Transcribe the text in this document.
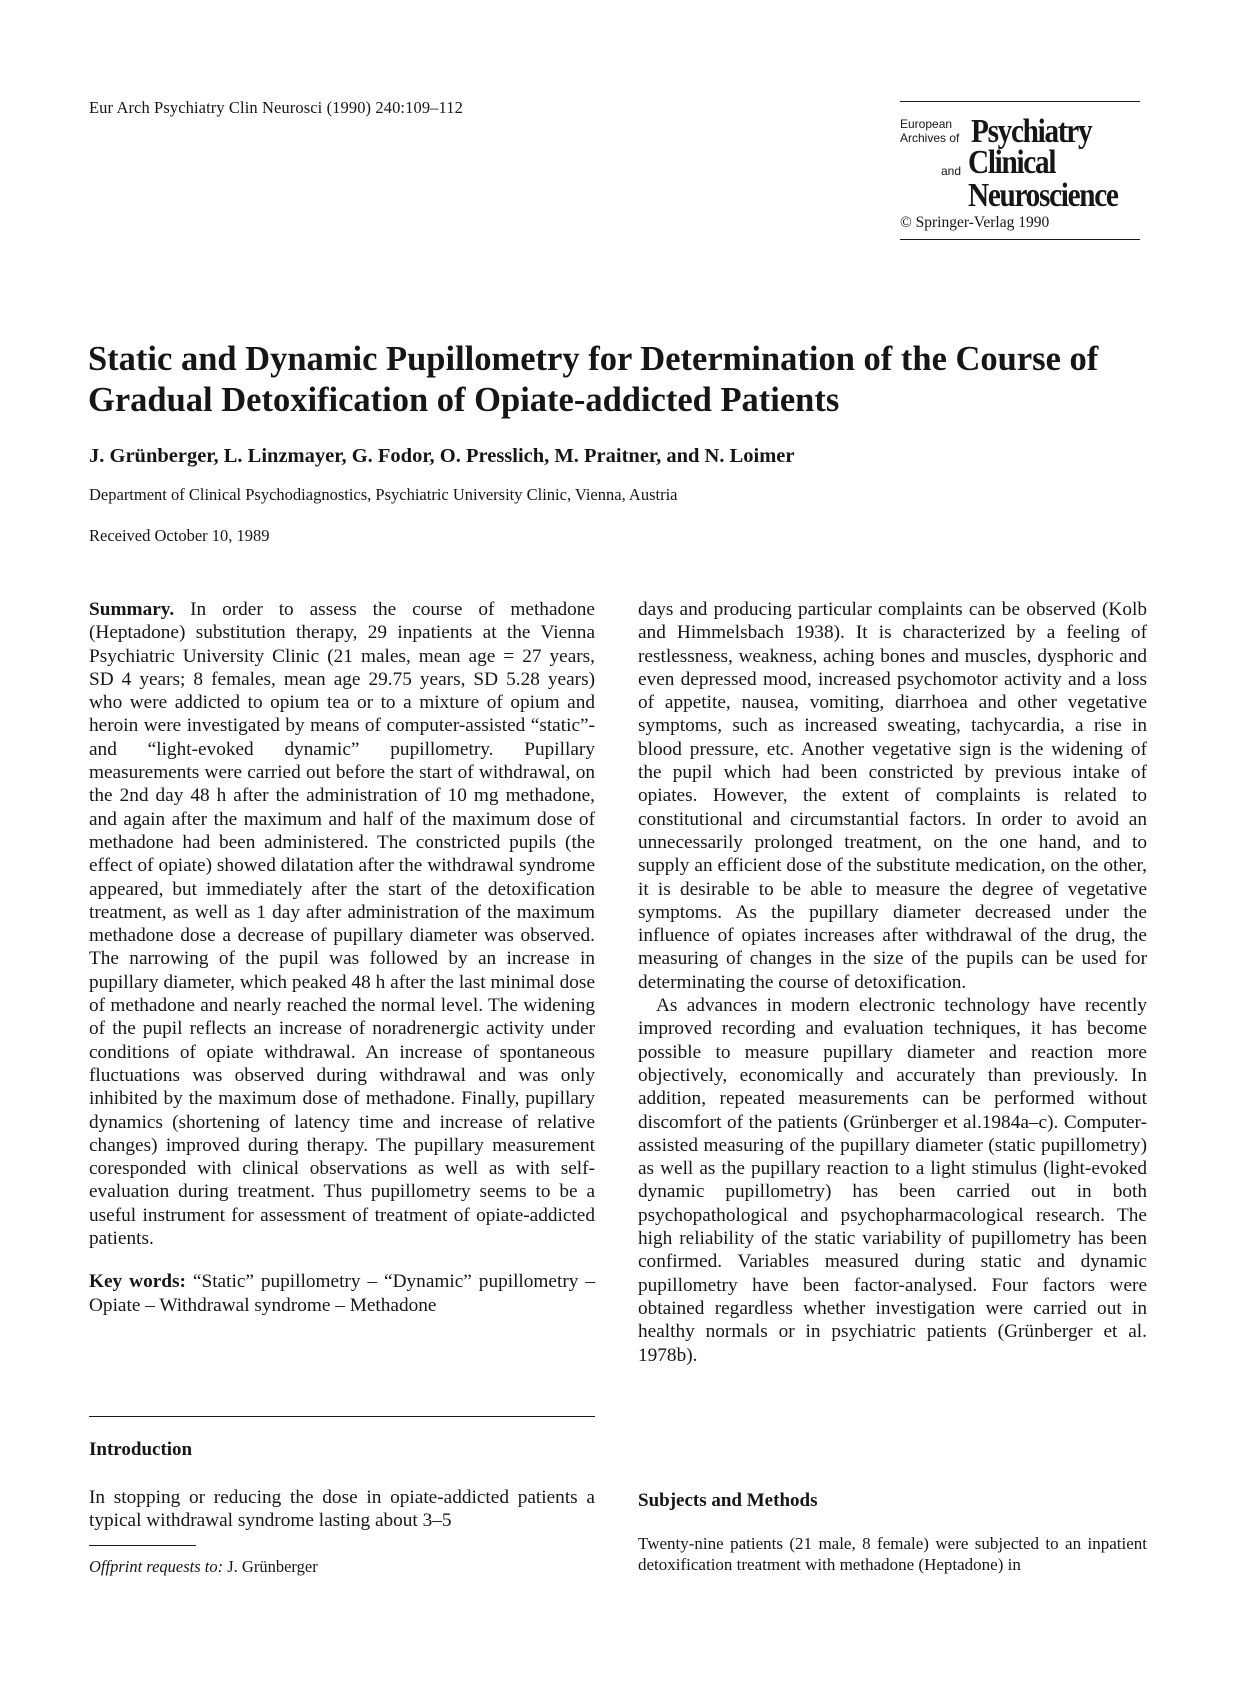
Eur Arch Psychiatry Clin Neurosci (1990) 240:109–112
European
Archives of Psychiatry
and Clinical
Neuroscience
© Springer-Verlag 1990
Static and Dynamic Pupillometry for Determination of the Course of Gradual Detoxification of Opiate-addicted Patients
J. Grünberger, L. Linzmayer, G. Fodor, O. Presslich, M. Praitner, and N. Loimer
Department of Clinical Psychodiagnostics, Psychiatric University Clinic, Vienna, Austria
Received October 10, 1989

Summary. In order to assess the course of methadone (Heptadone) substitution therapy, 29 inpatients at the Vienna Psychiatric University Clinic (21 males, mean age = 27 years, SD 4 years; 8 females, mean age 29.75 years, SD 5.28 years) who were addicted to opium tea or to a mixture of opium and heroin were investigated by means of computer-assisted “static”- and “light-evoked dynamic” pupillometry. Pupillary measurements were carried out before the start of withdrawal, on the 2nd day 48 h after the administration of 10 mg methadone, and again after the maximum and half of the maximum dose of methadone had been administered. The constricted pupils (the effect of opiate) showed dilatation after the withdrawal syndrome appeared, but immediately after the start of the detoxification treatment, as well as 1 day after administration of the maximum methadone dose a decrease of pupillary diameter was observed. The narrowing of the pupil was followed by an increase in pupillary diameter, which peaked 48 h after the last minimal dose of methadone and nearly reached the normal level. The widening of the pupil reflects an increase of noradrenergic activity under conditions of opiate withdrawal. An increase of spontaneous fluctuations was observed during withdrawal and was only inhibited by the maximum dose of methadone. Finally, pupillary dynamics (shortening of latency time and increase of relative changes) improved during therapy. The pupillary measurement coresponded with clinical observations as well as with self-evaluation during treatment. Thus pupillometry seems to be a useful instrument for assessment of treatment of opiate-addicted patients.

Key words: “Static” pupillometry – “Dynamic” pupillometry – Opiate – Withdrawal syndrome – Methadone

Introduction
In stopping or reducing the dose in opiate-addicted patients a typical withdrawal syndrome lasting about 3–5
Offprint requests to: J. Grünberger

days and producing particular complaints can be observed (Kolb and Himmelsbach 1938). It is characterized by a feeling of restlessness, weakness, aching bones and muscles, dysphoric and even depressed mood, increased psychomotor activity and a loss of appetite, nausea, vomiting, diarrhoea and other vegetative symptoms, such as increased sweating, tachycardia, a rise in blood pressure, etc. Another vegetative sign is the widening of the pupil which had been constricted by previous intake of opiates. However, the extent of complaints is related to constitutional and circumstantial factors. In order to avoid an unnecessarily prolonged treatment, on the one hand, and to supply an efficient dose of the substitute medication, on the other, it is desirable to be able to measure the degree of vegetative symptoms. As the pupillary diameter decreased under the influence of opiates increases after withdrawal of the drug, the measuring of changes in the size of the pupils can be used for determinating the course of detoxification.

As advances in modern electronic technology have recently improved recording and evaluation techniques, it has become possible to measure pupillary diameter and reaction more objectively, economically and accurately than previously. In addition, repeated measurements can be performed without discomfort of the patients (Grünberger et al.1984a–c). Computer-assisted measuring of the pupillary diameter (static pupillometry) as well as the pupillary reaction to a light stimulus (light-evoked dynamic pupillometry) has been carried out in both psychopathological and psychopharmacological research. The high reliability of the static variability of pupillometry has been confirmed. Variables measured during static and dynamic pupillometry have been factor-analysed. Four factors were obtained regardless whether investigation were carried out in healthy normals or in psychiatric patients (Grünberger et al. 1978b).

Subjects and Methods
Twenty-nine patients (21 male, 8 female) were subjected to an inpatient detoxification treatment with methadone (Heptadone) in
